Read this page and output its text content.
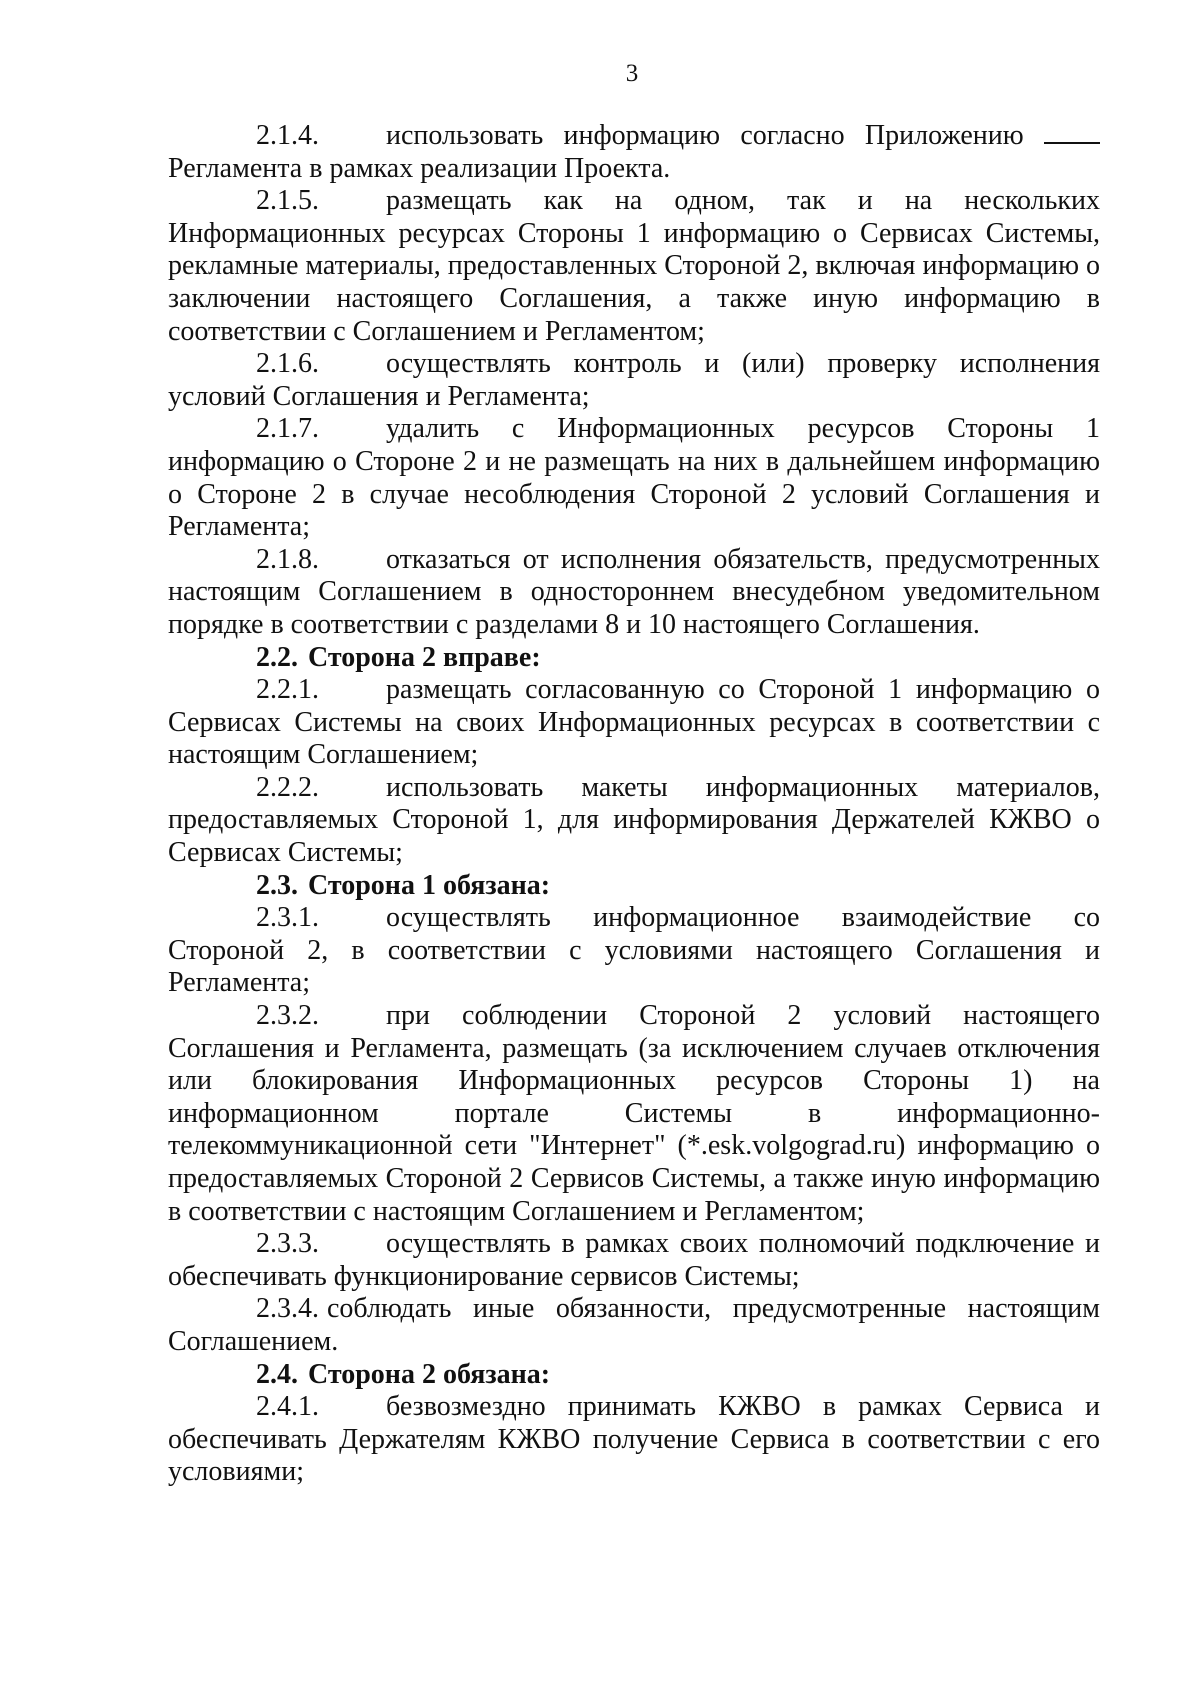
3

2.1.4. использовать информацию согласно Приложению  Регламента в рамках реализации Проекта.

2.1.5. размещать как на одном, так и на нескольких Информационных ресурсах Стороны 1 информацию о Сервисах Системы, рекламные материалы, предоставленных Стороной 2, включая информацию о заключении настоящего Соглашения, а также иную информацию в соответствии с Соглашением и Регламентом;

2.1.6. осуществлять контроль и (или) проверку исполнения условий Соглашения и Регламента;

2.1.7. удалить с Информационных ресурсов Стороны 1 информацию о Стороне 2 и не размещать на них в дальнейшем информацию о Стороне 2 в случае несоблюдения Стороной 2 условий Соглашения и Регламента;

2.1.8. отказаться от исполнения обязательств, предусмотренных настоящим Соглашением в одностороннем внесудебном уведомительном порядке в соответствии с разделами 8 и 10 настоящего Соглашения.

2.2. Сторона 2 вправе:

2.2.1. размещать согласованную со Стороной 1 информацию о Сервисах Системы на своих Информационных ресурсах в соответствии с настоящим Соглашением;

2.2.2. использовать макеты информационных материалов, предоставляемых Стороной 1, для информирования Держателей КЖВО о Сервисах Системы;

2.3. Сторона 1 обязана:

2.3.1. осуществлять информационное взаимодействие со Стороной 2, в соответствии с условиями настоящего Соглашения и Регламента;

2.3.2. при соблюдении Стороной 2 условий настоящего Соглашения и Регламента, размещать (за исключением случаев отключения или блокирования Информационных ресурсов Стороны 1) на информационном портале Системы в информационно-телекоммуникационной сети "Интернет" (*.esk.volgograd.ru) информацию о предоставляемых Стороной 2 Сервисов Системы, а также иную информацию в соответствии с настоящим Соглашением и Регламентом;

2.3.3. осуществлять в рамках своих полномочий подключение и обеспечивать функционирование сервисов Системы;

2.3.4. соблюдать иные обязанности, предусмотренные настоящим Соглашением.

2.4. Сторона 2 обязана:

2.4.1. безвозмездно принимать КЖВО в рамках Сервиса и обеспечивать Держателям КЖВО получение Сервиса в соответствии с его условиями;
